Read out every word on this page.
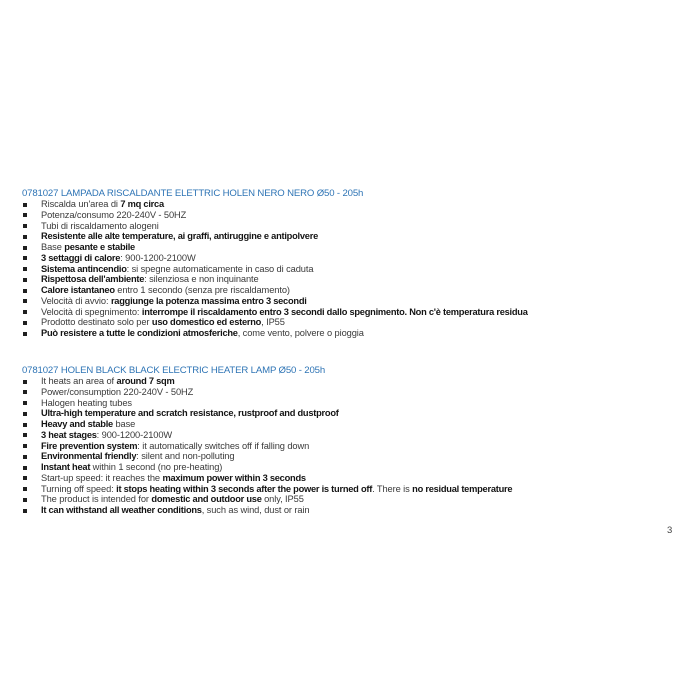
0781027 LAMPADA RISCALDANTE ELETTRIC HOLEN NERO NERO Ø50 - 205h
Riscalda un'area di 7 mq circa
Potenza/consumo 220-240V - 50HZ
Tubi di riscaldamento alogeni
Resistente alle alte temperature, ai graffi, antiruggine e antipolvere
Base pesante e stabile
3 settaggi di calore: 900-1200-2100W
Sistema antincendio: si spegne automaticamente in caso di caduta
Rispettosa dell'ambiente: silenziosa e non inquinante
Calore istantaneo entro 1 secondo (senza pre riscaldamento)
Velocità di avvio: raggiunge la potenza massima entro 3 secondi
Velocità di spegnimento: interrompe il riscaldamento entro 3 secondi dallo spegnimento. Non c'è temperatura residua
Prodotto destinato solo per uso domestico ed esterno, IP55
Può resistere a tutte le condizioni atmosferiche, come vento, polvere o pioggia
0781027 HOLEN BLACK BLACK ELECTRIC HEATER LAMP Ø50 - 205h
It heats an area of around 7 sqm
Power/consumption 220-240V - 50HZ
Halogen heating tubes
Ultra-high temperature and scratch resistance, rustproof and dustproof
Heavy and stable base
3 heat stages: 900-1200-2100W
Fire prevention system: it automatically switches off if falling down
Environmental friendly: silent and non-polluting
Instant heat within 1 second (no pre-heating)
Start-up speed: it reaches the maximum power within 3 seconds
Turning off speed: it stops heating within 3 seconds after the power is turned off. There is no residual temperature
The product is intended for domestic and outdoor use only, IP55
It can withstand all weather conditions, such as wind, dust or rain
3
